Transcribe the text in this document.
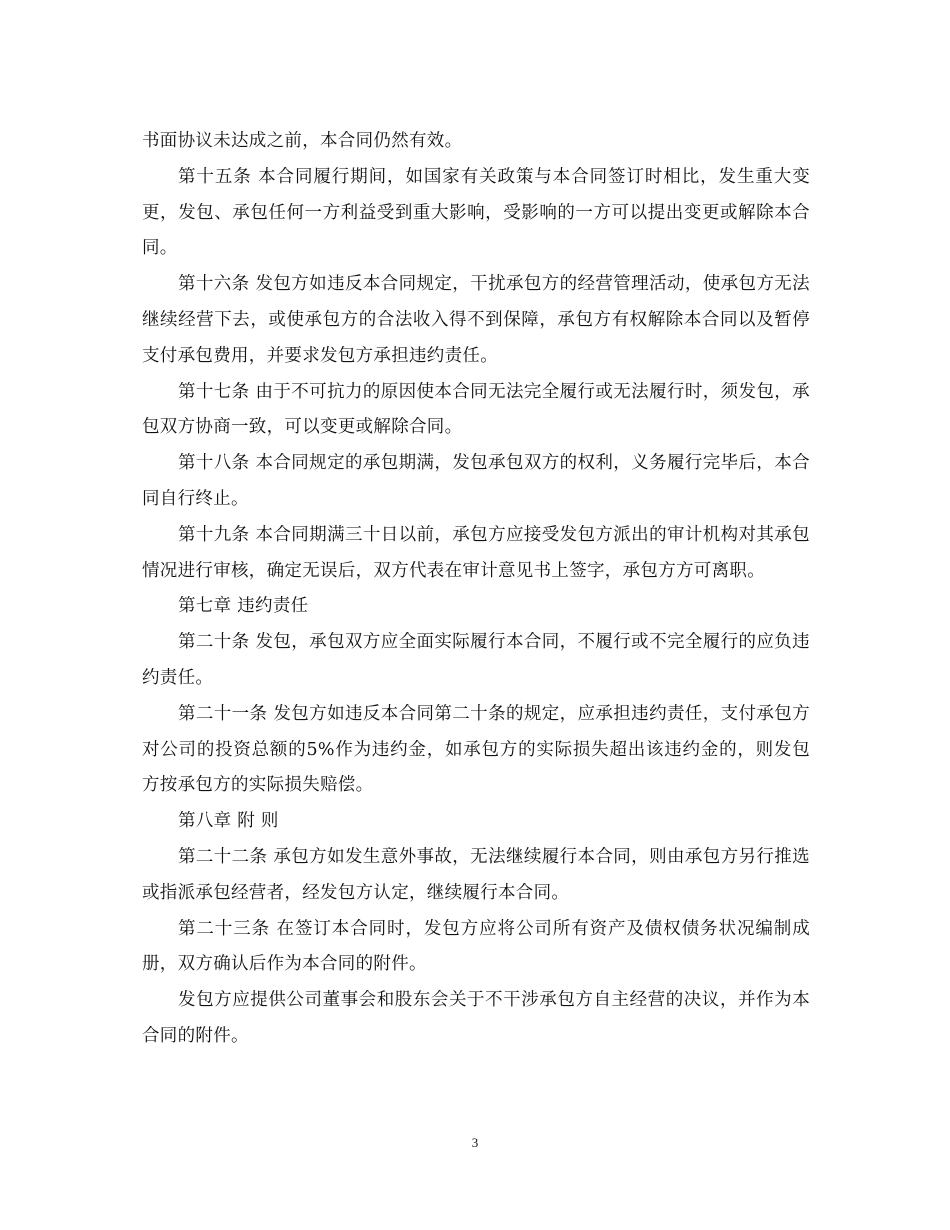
书面协议未达成之前，本合同仍然有效。

第十五条 本合同履行期间，如国家有关政策与本合同签订时相比，发生重大变更，发包、承包任何一方利益受到重大影响，受影响的一方可以提出变更或解除本合同。

第十六条 发包方如违反本合同规定，干扰承包方的经营管理活动，使承包方无法继续经营下去，或使承包方的合法收入得不到保障，承包方有权解除本合同以及暂停支付承包费用，并要求发包方承担违约责任。

第十七条 由于不可抗力的原因使本合同无法完全履行或无法履行时，须发包，承包双方协商一致，可以变更或解除合同。

第十八条 本合同规定的承包期满，发包承包双方的权利，义务履行完毕后，本合同自行终止。

第十九条 本合同期满三十日以前，承包方应接受发包方派出的审计机构对其承包情况进行审核，确定无误后，双方代表在审计意见书上签字，承包方方可离职。

第七章 违约责任

第二十条 发包，承包双方应全面实际履行本合同，不履行或不完全履行的应负违约责任。

第二十一条 发包方如违反本合同第二十条的规定，应承担违约责任，支付承包方对公司的投资总额的5%作为违约金，如承包方的实际损失超出该违约金的，则发包方按承包方的实际损失赔偿。

第八章 附 则

第二十二条 承包方如发生意外事故，无法继续履行本合同，则由承包方另行推选或指派承包经营者，经发包方认定，继续履行本合同。

第二十三条 在签订本合同时，发包方应将公司所有资产及债权债务状况编制成册，双方确认后作为本合同的附件。

发包方应提供公司董事会和股东会关于不干涉承包方自主经营的决议，并作为本合同的附件。

3
